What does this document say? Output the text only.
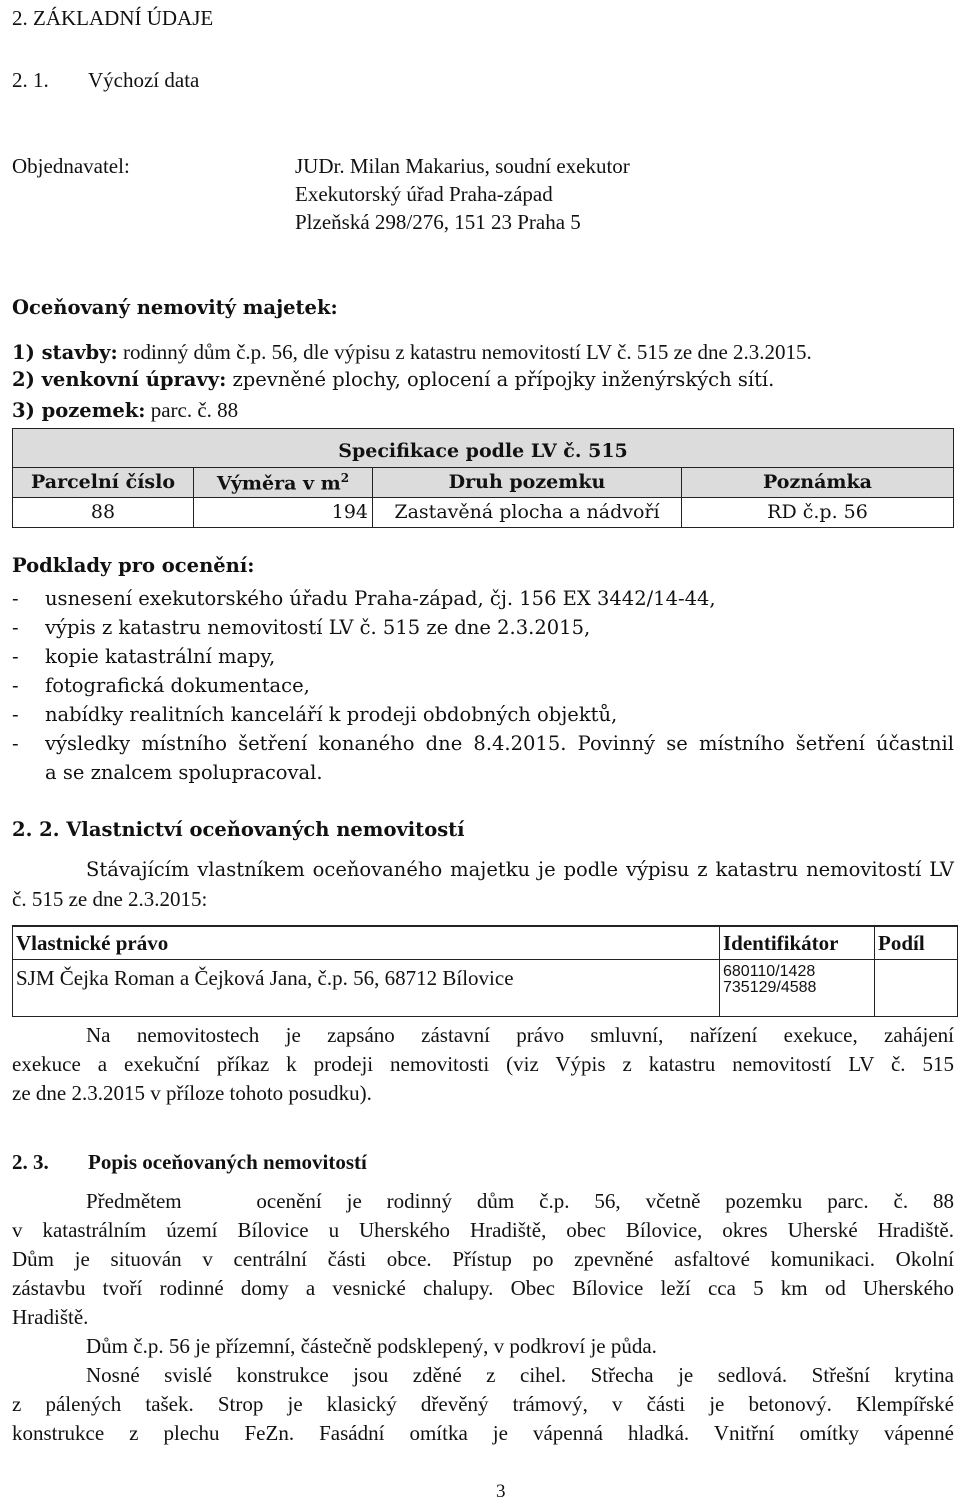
2. ZÁKLADNÍ ÚDAJE
2. 1. Výchozí data
Objednavatel:	JUDr. Milan Makarius, soudní exekutor
Exekutorský úřad Praha-západ
Plzeňská 298/276, 151 23 Praha 5
Oceňovaný nemovitý majetek:
1) stavby: rodinný dům č.p. 56, dle výpisu z katastru nemovitostí LV č. 515 ze dne 2.3.2015.
2) venkovní úpravy: zpevněné plochy, oplocení a přípojky inženýrských sítí.
3) pozemek: parc. č. 88
Specifikace podle LV č. 515			
Parcelní číslo	Výměra v $m^2$	Druh pozemku	Poznámka
88	194	Zastavěná plocha a nádvoří	RD č.p. 56
Podklady pro ocenění:
- usnesení exekutorského úřadu Praha-západ, čj. 156 EX 3442/14-44,
- výpis z katastru nemovitostí LV č. 515 ze dne 2.3.2015,
- kopie katastrální mapy,
- fotografická dokumentace,
- nabídky realitních kanceláří k prodeji obdobných objektů,
- výsledky místního šetření konaného dne 8.4.2015. Povinný se místního šetření účastnil
a se znalcem spolupracoval.
2. 2. Vlastnictví oceňovaných nemovitostí
Stávajícím vlastníkem oceňovaného majetku je podle výpisu z katastru nemovitostí LV
č. 515 ze dne 2.3.2015:
Vlastnické právo	Identifikátor	Podíl
SJM Čejka Roman a Čejková Jana, č.p. 56, 68712 Bílovice	680110/1428
735129/4588	

Na nemovitostech je zapsáno zástavní právo smluvní, nařízení exekuce, zahájení
exekuce a exekuční příkaz k prodeji nemovitosti (viz Výpis z katastru nemovitostí LV č. 515
ze dne 2.3.2015 v příloze tohoto posudku).
2. 3. Popis oceňovaných nemovitostí
Předmětem   ocenění je rodinný dům č.p. 56, včetně pozemku parc. č. 88
v katastrálním území Bílovice u Uherského Hradiště, obec Bílovice, okres Uherské Hradiště.
Dům je situován v centrální části obce. Přístup po zpevněné asfaltové komunikaci. Okolní
zástavbu tvoří rodinné domy a vesnické chalupy. Obec Bílovice leží cca 5 km od Uherského
Hradiště.
Dům č.p. 56 je přízemní, částečně podsklepený, v podkroví je půda.
Nosné svislé konstrukce jsou zděné z cihel. Střecha je sedlová. Střešní krytina
z pálených tašek. Strop je klasický dřevěný trámový, v části je betonový. Klempířské
konstrukce z plechu FeZn. Fasádní omítka je vápenná hladká. Vnitřní omítky vápenné
3
